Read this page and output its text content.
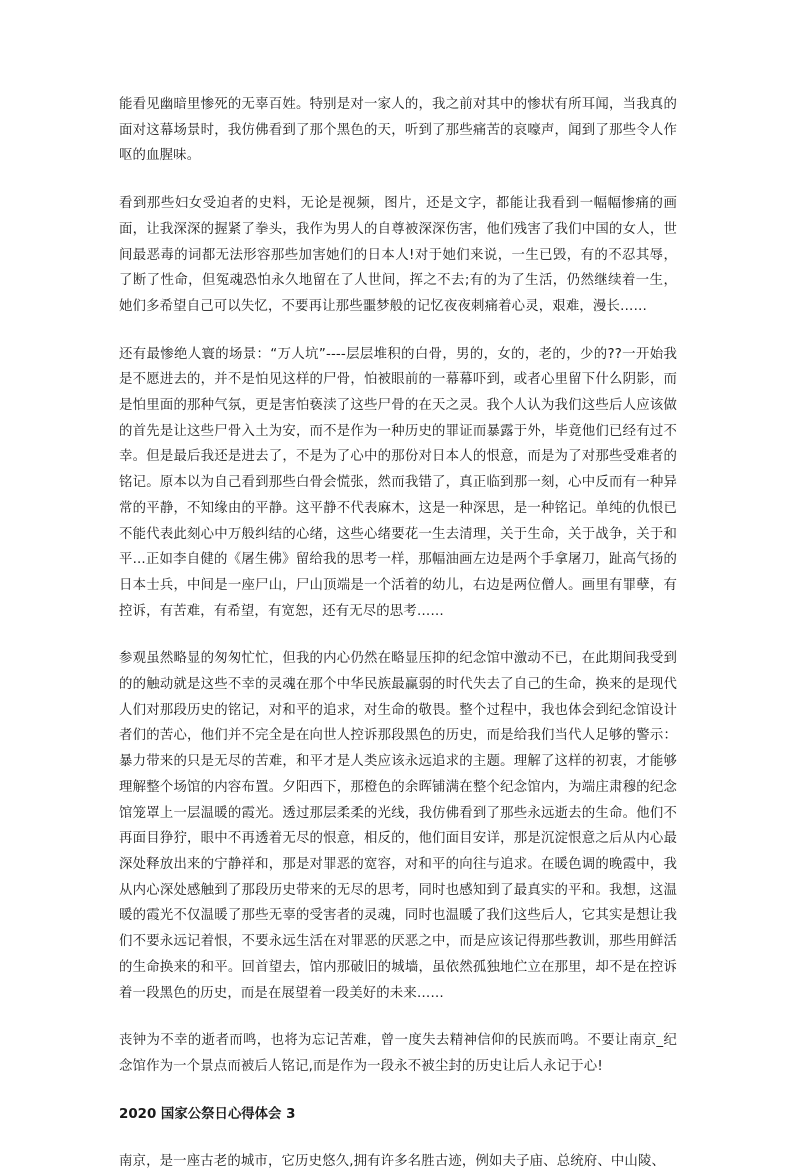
能看见幽暗里惨死的无辜百姓。特别是对一家人的，我之前对其中的惨状有所耳闻，当我真的面对这幕场景时，我仿佛看到了那个黑色的天，听到了那些痛苦的哀嚎声，闻到了那些令人作呕的血腥味。

看到那些妇女受迫者的史料，无论是视频，图片，还是文字，都能让我看到一幅幅惨痛的画面，让我深深的握紧了拳头，我作为男人的自尊被深深伤害，他们残害了我们中国的女人，世间最恶毒的词都无法形容那些加害她们的日本人!对于她们来说，一生已毁，有的不忍其辱，了断了性命，但冤魂恐怕永久地留在了人世间，挥之不去;有的为了生活，仍然继续着一生，她们多希望自己可以失忆，不要再让那些噩梦般的记忆夜夜刺痛着心灵，艰难，漫长……

还有最惨绝人寰的场景：“万人坑”----层层堆积的白骨，男的，女的，老的，少的??一开始我是不愿进去的，并不是怕见这样的尸骨，怕被眼前的一幕幕吓到，或者心里留下什么阴影，而是怕里面的那种气氛，更是害怕亵渎了这些尸骨的在天之灵。我个人认为我们这些后人应该做的首先是让这些尸骨入土为安，而不是作为一种历史的罪证而暴露于外，毕竟他们已经有过不幸。但是最后我还是进去了，不是为了心中的那份对日本人的恨意，而是为了对那些受难者的铭记。原本以为自己看到那些白骨会慌张，然而我错了，真正临到那一刻，心中反而有一种异常的平静，不知缘由的平静。这平静不代表麻木，这是一种深思，是一种铭记。单纯的仇恨已不能代表此刻心中万般纠结的心绪，这些心绪要花一生去清理，关于生命，关于战争，关于和平...正如李自健的《屠生佛》留给我的思考一样，那幅油画左边是两个手拿屠刀，趾高气扬的日本士兵，中间是一座尸山，尸山顶端是一个活着的幼儿，右边是两位僧人。画里有罪孽，有控诉，有苦难，有希望，有宽恕，还有无尽的思考……

参观虽然略显的匆匆忙忙，但我的内心仍然在略显压抑的纪念馆中激动不已，在此期间我受到的的触动就是这些不幸的灵魂在那个中华民族最赢弱的时代失去了自己的生命，换来的是现代人们对那段历史的铭记，对和平的追求，对生命的敬畏。整个过程中，我也体会到纪念馆设计者们的苦心，他们并不完全是在向世人控诉那段黑色的历史，而是给我们当代人足够的警示：暴力带来的只是无尽的苦难，和平才是人类应该永远追求的主题。理解了这样的初衷，才能够理解整个场馆的内容布置。夕阳西下，那橙色的余晖铺满在整个纪念馆内，为端庄肃穆的纪念馆笼罩上一层温暖的霞光。透过那层柔柔的光线，我仿佛看到了那些永远逝去的生命。他们不再面目狰狞，眼中不再透着无尽的恨意，相反的，他们面目安详，那是沉淀恨意之后从内心最深处释放出来的宁静祥和，那是对罪恶的宽容，对和平的向往与追求。在暖色调的晚霞中，我从内心深处感触到了那段历史带来的无尽的思考，同时也感知到了最真实的平和。我想，这温暖的霞光不仅温暖了那些无辜的受害者的灵魂，同时也温暖了我们这些后人，它其实是想让我们不要永远记着恨，不要永远生活在对罪恶的厌恶之中，而是应该记得那些教训，那些用鲜活的生命换来的和平。回首望去，馆内那破旧的城墙，虽依然孤独地伫立在那里，却不是在控诉着一段黑色的历史，而是在展望着一段美好的未来……

丧钟为不幸的逝者而鸣，也将为忘记苦难，曾一度失去精神信仰的民族而鸣。不要让南京_纪念馆作为一个景点而被后人铭记,而是作为一段永不被尘封的历史让后人永记于心!

2020 国家公祭日心得体会 3

南京，是一座古老的城市，它历史悠久,拥有许多名胜古迹，例如夫子庙、总统府、中山陵、
